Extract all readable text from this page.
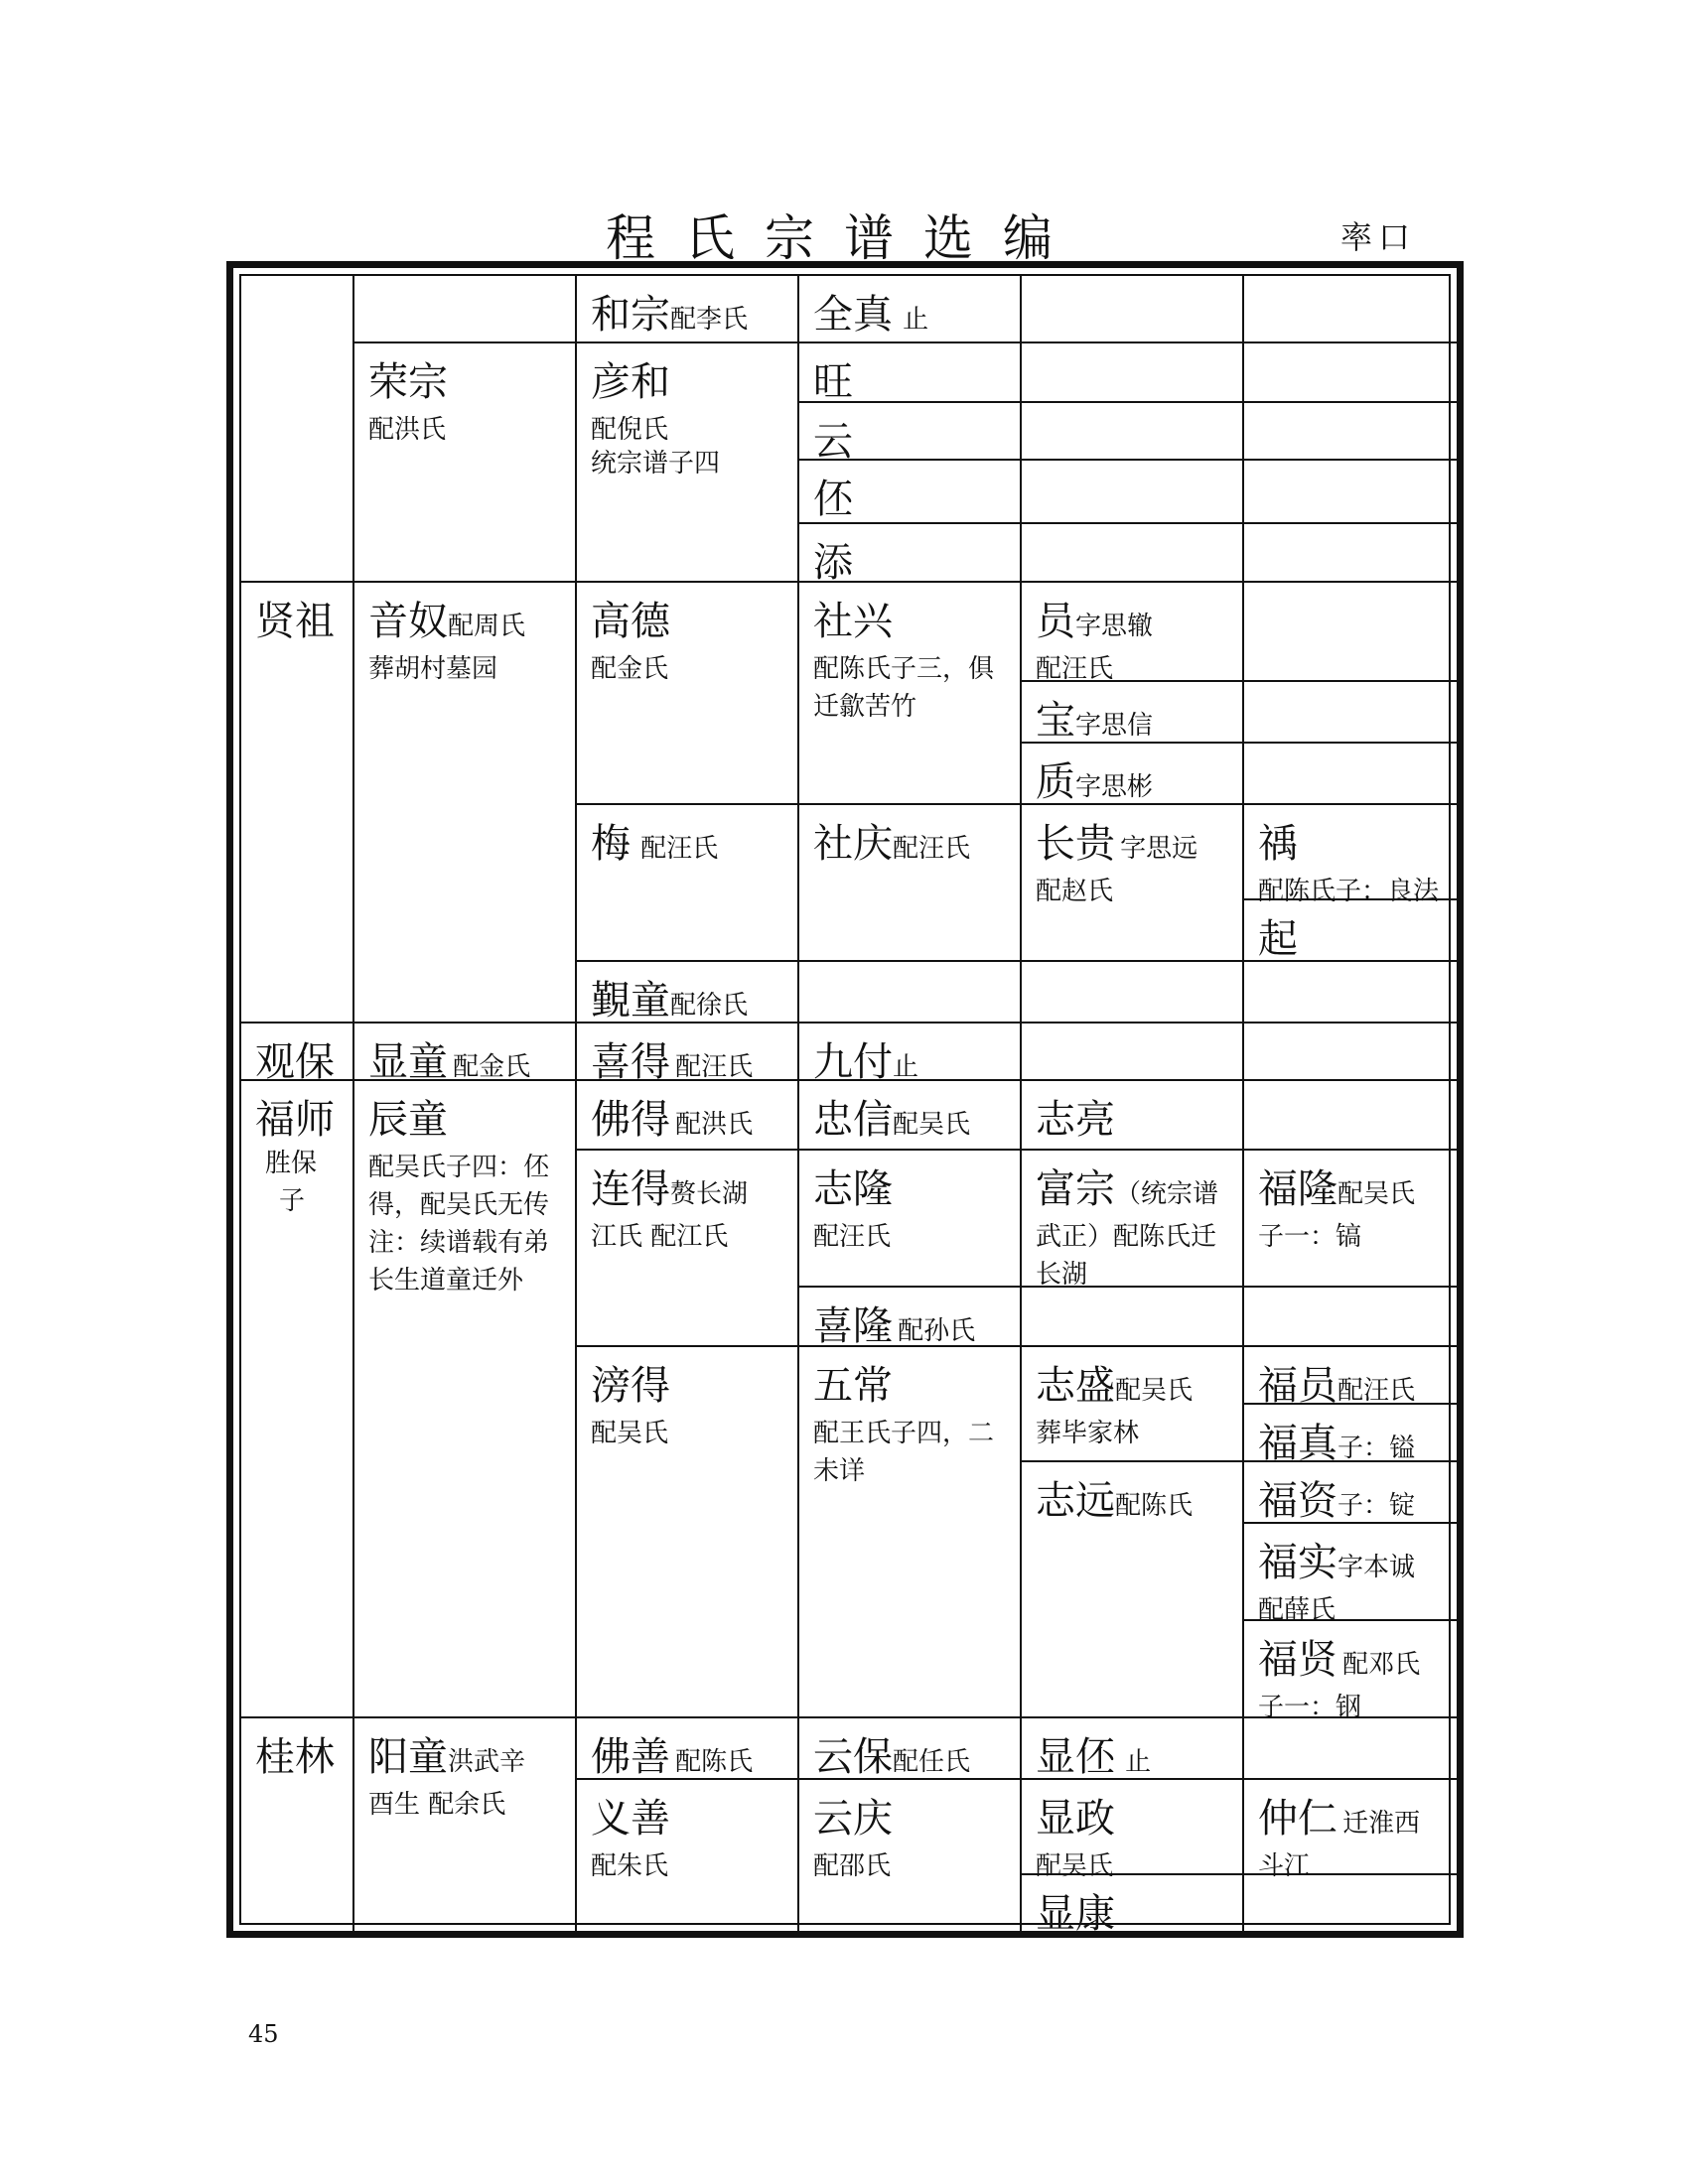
程氏宗谱选编	率口
贤祖
观保
福师
胜保
子
桂林
荣宗
配洪氏
音奴配周氏
葬胡村墓园
显童 配金氏
辰童
配吴氏子四：伾得，配吴氏无传注：续谱载有弟长生道童迁外
阳童洪武辛
酉生 配余氏
和宗配李氏
彦和
配倪氏
统宗谱子四
高德
配金氏
梅 配汪氏
覲童配徐氏
喜得 配汪氏
佛得 配洪氏
连得赘长湖
江氏 配江氏
滂得
配吴氏
佛善 配陈氏
义善
配朱氏
全真 止
旺
云
伾
添
社兴
配陈氏子三，俱迁歙苦竹
社庆配汪氏
九付止
忠信配吴氏
志隆
配汪氏
喜隆 配孙氏
五常
配王氏子四，二未详
云保配任氏
云庆
配邵氏
员字思辙
配汪氏
宝字思信
质字思彬
长贵 字思远
配赵氏
志亮
富宗（统宗谱
武正）配陈氏迁长湖
志盛配吴氏
葬毕家林
志远配陈氏
显伾 止
显政
配吴氏
显康
䄔
配陈氏子：良法
起
福隆配吴氏
子一：镐
福员配汪氏
福真子：镒
福资子：锭
福实字本诚
配薛氏
福贤 配邓氏
子一：钢
仲仁 迁淮西
斗江
45
